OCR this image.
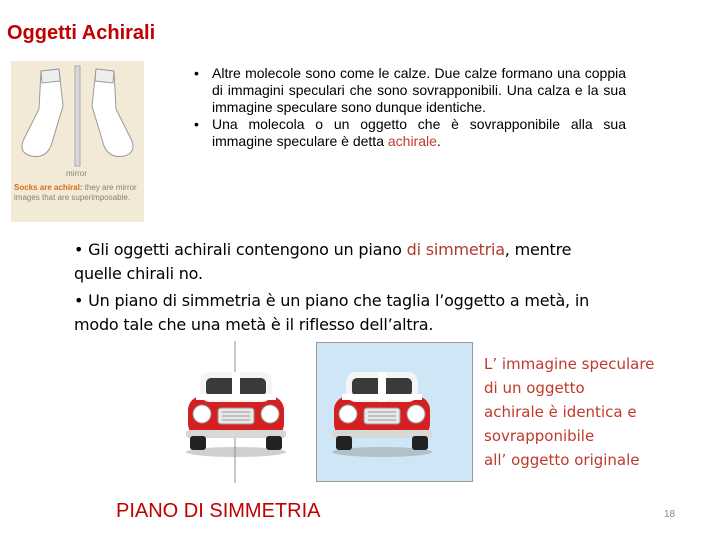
Oggetti Achirali
mirror
Socks are achiral: they are mirror images that are superimposable.

• Altre molecole sono come le calze. Due calze formano una coppia di immagini speculari che sono sovrapponibili. Una calza e la sua immagine speculare sono dunque identiche.

• Una molecola o un oggetto che è sovrapponibile alla sua immagine speculare è detta achirale.

• Gli oggetti achirali contengono un piano di simmetria, mentre quelle chirali no.

• Un piano di simmetria è un piano che taglia l’oggetto a metà, in modo tale che una metà è il riflesso dell’altra.

L’ immagine speculare
di un oggetto
achirale è identica e
sovrapponibile
all’ oggetto originale
PIANO DI SIMMETRIA	18
